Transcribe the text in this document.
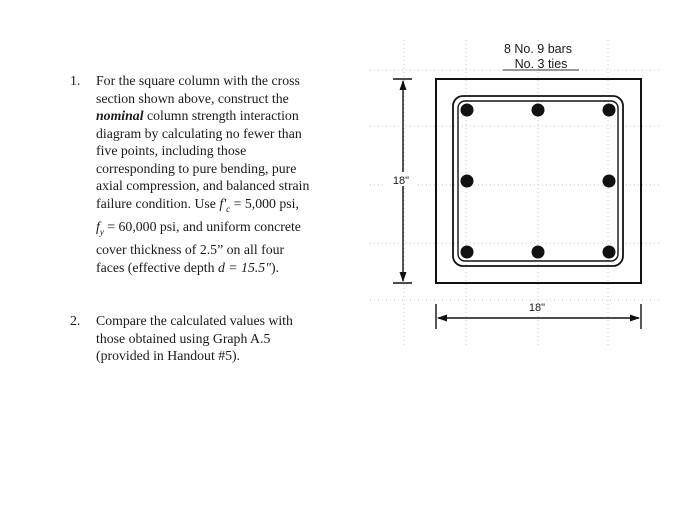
1.	For the square column with the cross
section shown above, construct the
nominal column strength interaction
diagram by calculating no fewer than
five points, including those
corresponding to pure bending, pure
axial compression, and balanced strain
failure condition. Use $f'_c = 5,000$ psi,
$f_y = 60,000$ psi, and uniform concrete
cover thickness of 2.5” on all four
faces (effective depth d = 15.5").
2.	Compare the calculated values with
those obtained using Graph A.5
(provided in Handout #5).
8 No. 9 bars
No. 3 ties
18"
18"
